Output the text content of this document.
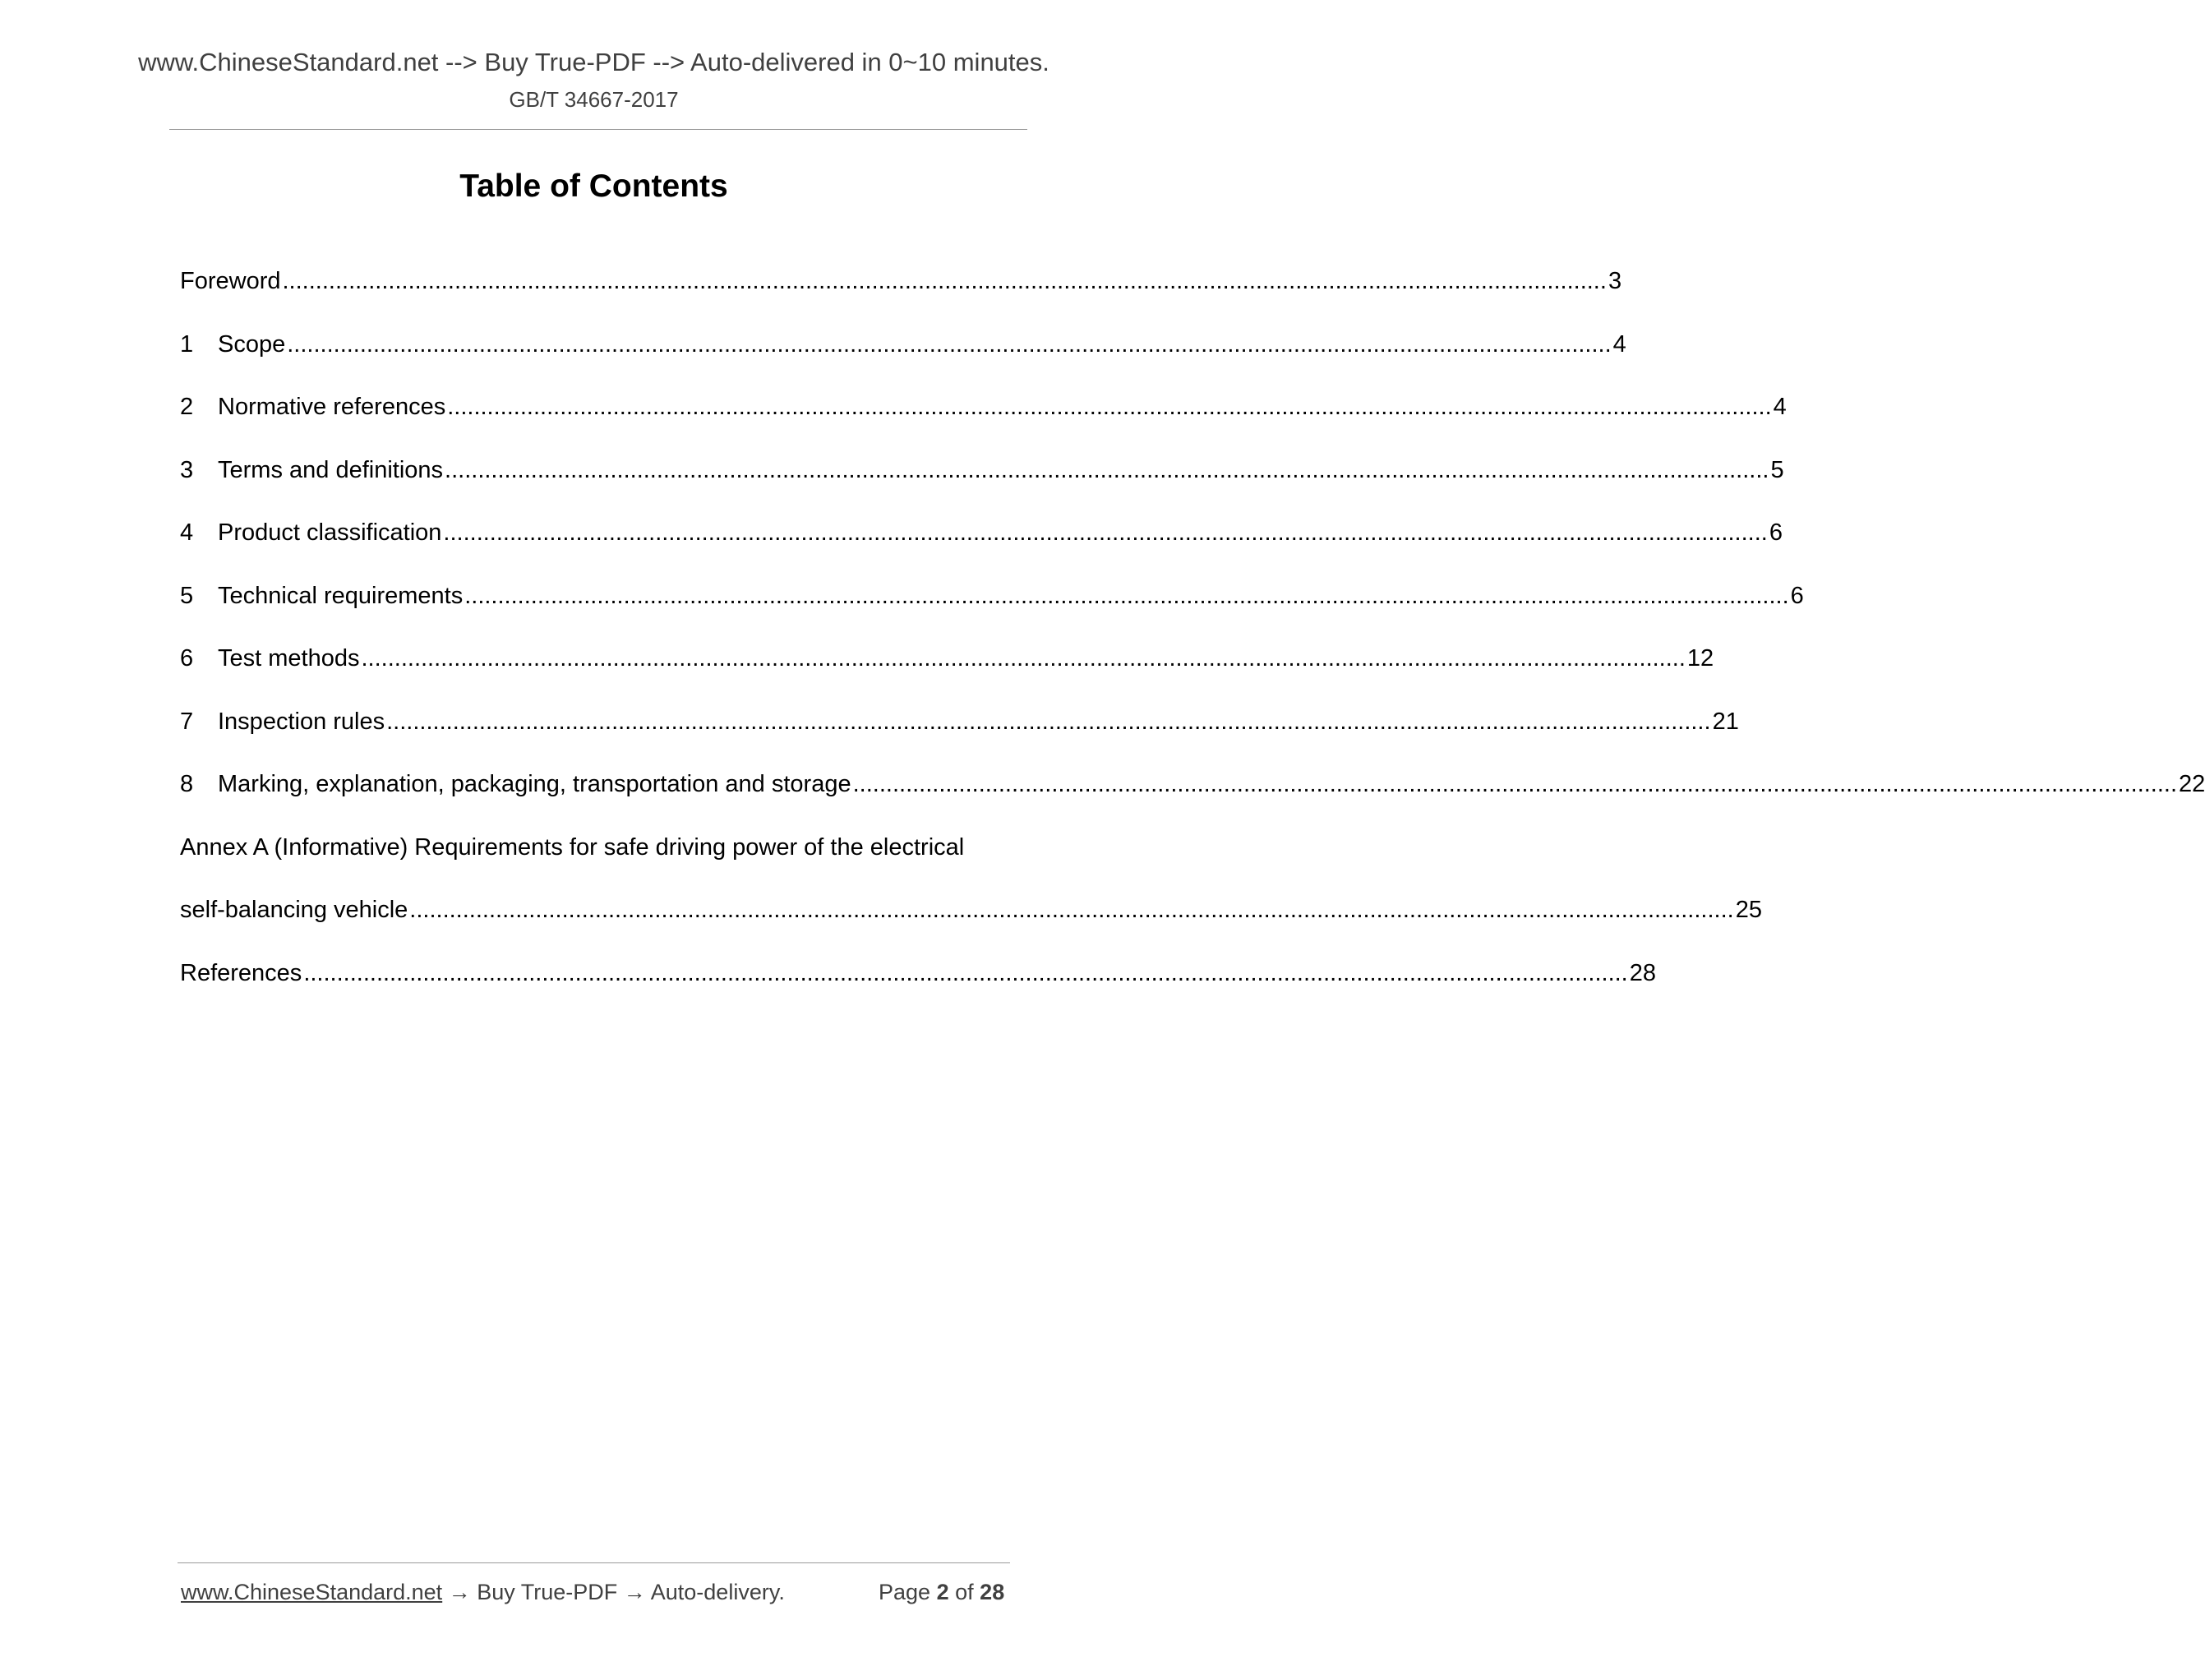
www.ChineseStandard.net --> Buy True-PDF --> Auto-delivered in 0~10 minutes.
GB/T 34667-2017
Table of Contents
Foreword ........................................................................................................................................................................................................ 3
1	Scope ........................................................................................................................................................................................................ 4
2	Normative references ........................................................................................................................................................................................................ 4
3	Terms and definitions ........................................................................................................................................................................................................ 5
4	Product classification ........................................................................................................................................................................................................ 6
5	Technical requirements ........................................................................................................................................................................................................ 6
6	Test methods ........................................................................................................................................................................................................ 12
7	Inspection rules ........................................................................................................................................................................................................ 21
8	Marking, explanation, packaging, transportation and storage ........................................................................................................................................................................................................ 22
Annex A (Informative) Requirements for safe driving power of the electrical
self-balancing vehicle ........................................................................................................................................................................................................ 25
References ........................................................................................................................................................................................................ 28
www.ChineseStandard.net → Buy True-PDF → Auto-delivery.	Page 2 of 28
